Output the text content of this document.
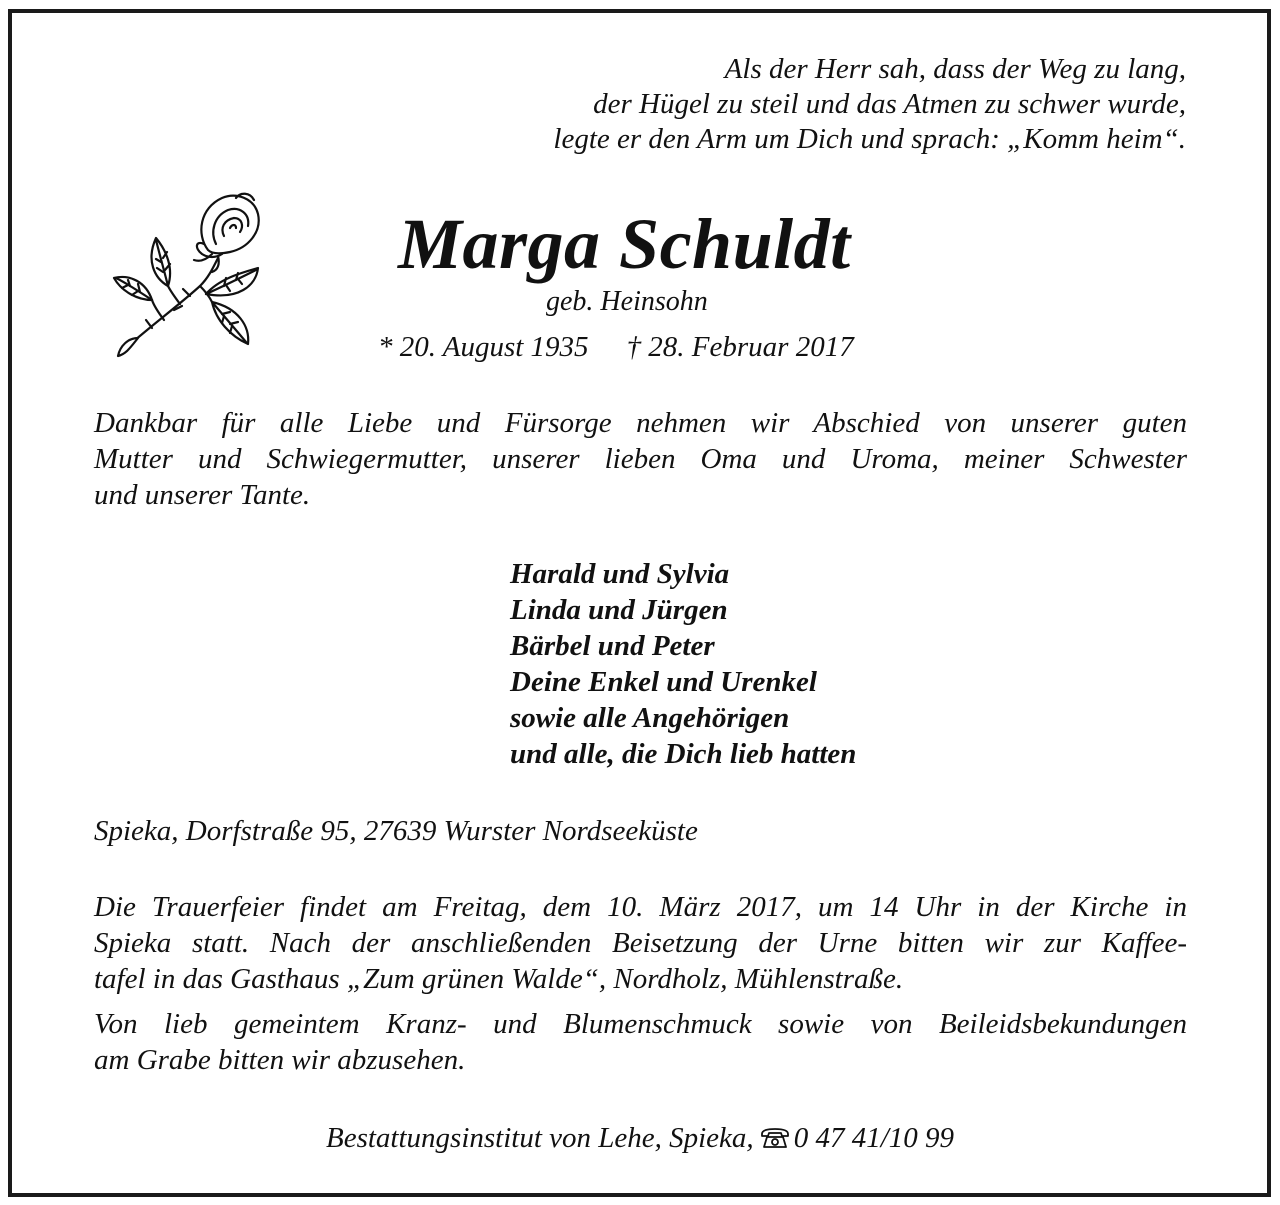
Als der Herr sah, dass der Weg zu lang,
der Hügel zu steil und das Atmen zu schwer wurde,
legte er den Arm um Dich und sprach: „Komm heim“.
Marga Schuldt
geb. Heinsohn
* 20. August 1935 † 28. Februar 2017
Dankbar für alle Liebe und Fürsorge nehmen wir Abschied von unserer guten
Mutter und Schwiegermutter, unserer lieben Oma und Uroma, meiner Schwester
und unserer Tante.
Harald und Sylvia
Linda und Jürgen
Bärbel und Peter
Deine Enkel und Urenkel
sowie alle Angehörigen
und alle, die Dich lieb hatten
Spieka, Dorfstraße 95, 27639 Wurster Nordseeküste
Die Trauerfeier findet am Freitag, dem 10. März 2017, um 14 Uhr in der Kirche in
Spieka statt. Nach der anschließenden Beisetzung der Urne bitten wir zur Kaffee-
tafel in das Gasthaus „Zum grünen Walde“, Nordholz, Mühlenstraße.
Von lieb gemeintem Kranz- und Blumenschmuck sowie von Beileidsbekundungen
am Grabe bitten wir abzusehen.
Bestattungsinstitut von Lehe, Spieka, 0 47 41/10 99
